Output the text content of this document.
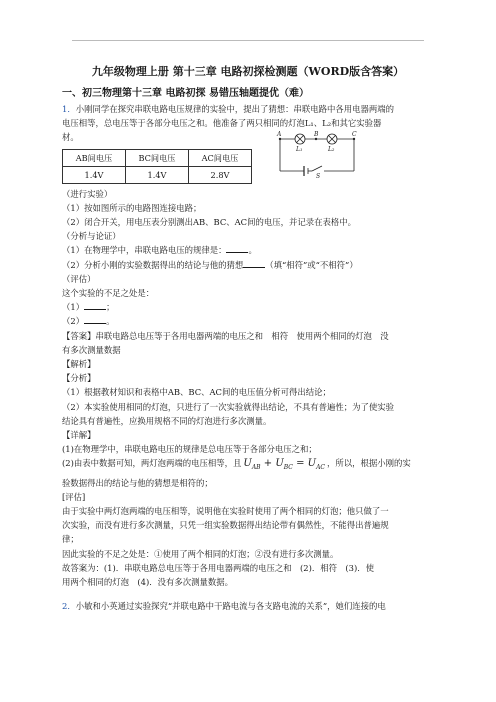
九年级物理上册 第十三章 电路初探检测题（WORD版含答案）
一、初三物理第十三章 电路初探 易错压轴题提优（难）

1．小刚同学在探究串联电路电压规律的实验中，提出了猜想：串联电路中各用电器两端的

电压相等，总电压等于各部分电压之和。他准备了两只相同的灯泡L₁、L₂和其它实验器

材。

AB间电压	BC间电压	AC间电压
1.4V	1.4V	2.8V
A	B	C
L₁	L₂
S

（进行实验）

（1）按如图所示的电路图连接电路；

（2）闭合开关，用电压表分别测出AB、BC、AC间的电压，并记录在表格中。

（分析与论证）

（1）在物理学中，串联电路电压的规律是：	。

（2）分析小刚的实验数据得出的结论与他的猜想	（填“相符”或“不相符”）

（评估）

这个实验的不足之处是：

（1）	；

（2）	。

【答案】串联电路总电压等于各用电器两端的电压之和　相符　使用两个相同的灯泡　没

有多次测量数据

【解析】

【分析】

（1）根据教材知识和表格中AB、BC、AC间的电压值分析可得出结论；

（2）本实验使用相同的灯泡，只进行了一次实验就得出结论，不具有普遍性；为了使实验

结论具有普遍性，应换用规格不同的灯泡进行多次测量。

【详解】

(1)在物理学中，串联电路电压的规律是总电压等于各部分电压之和；

(2)由表中数据可知，两灯泡两端的电压相等，且 $U_{AB} + U_{BC} = U_{AC}$ ，所以，根据小刚的实

验数据得出的结论与他的猜想是相符的；

[评估]

由于实验中两灯泡两端的电压相等，说明他在实验时使用了两个相同的灯泡；他只做了一

次实验，而没有进行多次测量，只凭一组实验数据得出结论带有偶然性，不能得出普遍规

律；

因此实验的不足之处是：①使用了两个相同的灯泡；②没有进行多次测量。

故答案为：(1)．串联电路总电压等于各用电器两端的电压之和　(2)．相符　(3)．使

用两个相同的灯泡　(4)．没有多次测量数据。

2．小敏和小英通过实验探究“并联电路中干路电流与各支路电流的关系”，她们连接的电
